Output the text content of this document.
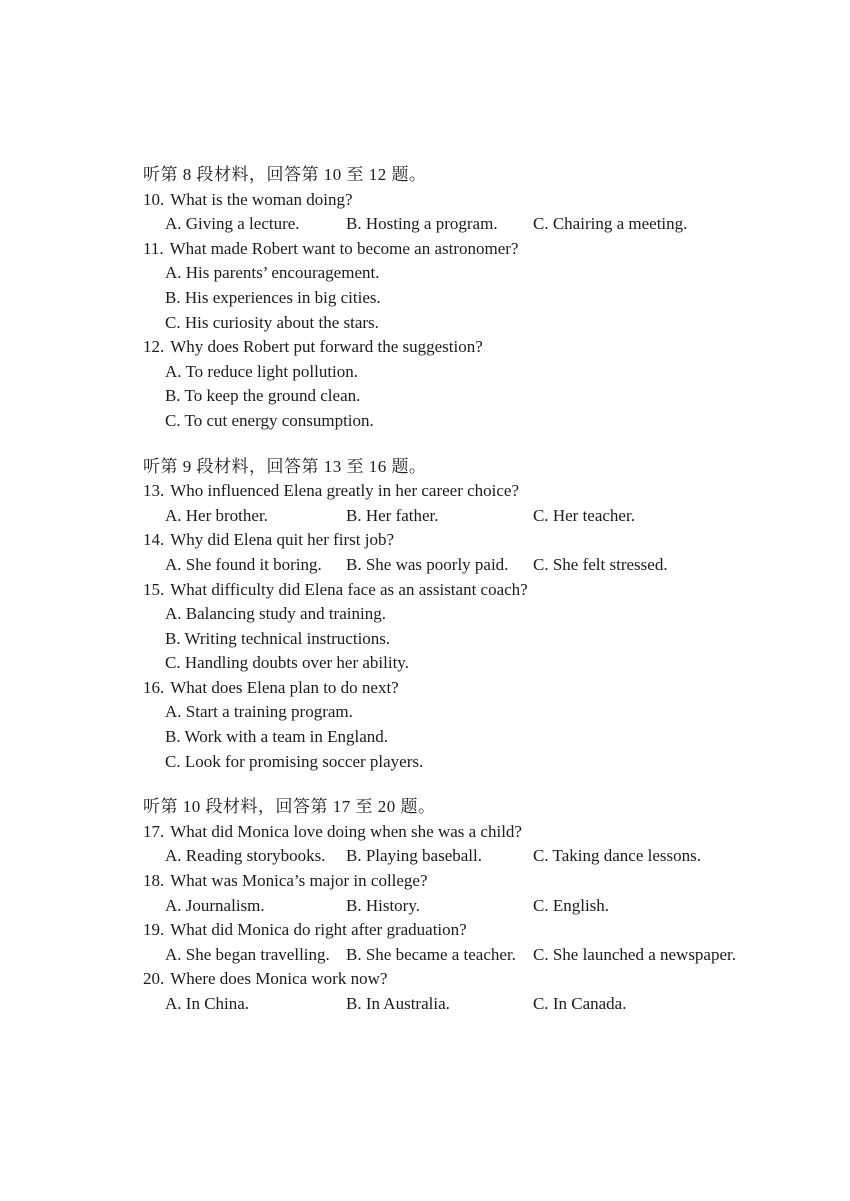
听第 8 段材料，回答第 10 至 12 题。
10. What is the woman doing?
A. Giving a lecture.	B. Hosting a program. C. Chairing a meeting.
11. What made Robert want to become an astronomer?
A. His parents’ encouragement.
B. His experiences in big cities.
C. His curiosity about the stars.
12. Why does Robert put forward the suggestion?
A. To reduce light pollution.
B. To keep the ground clean.
C. To cut energy consumption.
听第 9 段材料，回答第 13 至 16 题。
13. Who influenced Elena greatly in her career choice?
A. Her brother.	B. Her father.	C. Her teacher.
14. Why did Elena quit her first job?
A. She found it boring. B. She was poorly paid. C. She felt stressed.
15. What difficulty did Elena face as an assistant coach?
A. Balancing study and training.
B. Writing technical instructions.
C. Handling doubts over her ability.
16. What does Elena plan to do next?
A. Start a training program.
B. Work with a team in England.
C. Look for promising soccer players.
听第 10 段材料，回答第 17 至 20 题。
17. What did Monica love doing when she was a child?
A. Reading storybooks. B. Playing baseball.	C. Taking dance lessons.
18. What was Monica’s major in college?
A. Journalism.	B. History.	C. English.
19. What did Monica do right after graduation?
A. She began travelling. B. She became a teacher. C. She launched a newspaper.
20. Where does Monica work now?
A. In China.	B. In Australia.	C. In Canada.
